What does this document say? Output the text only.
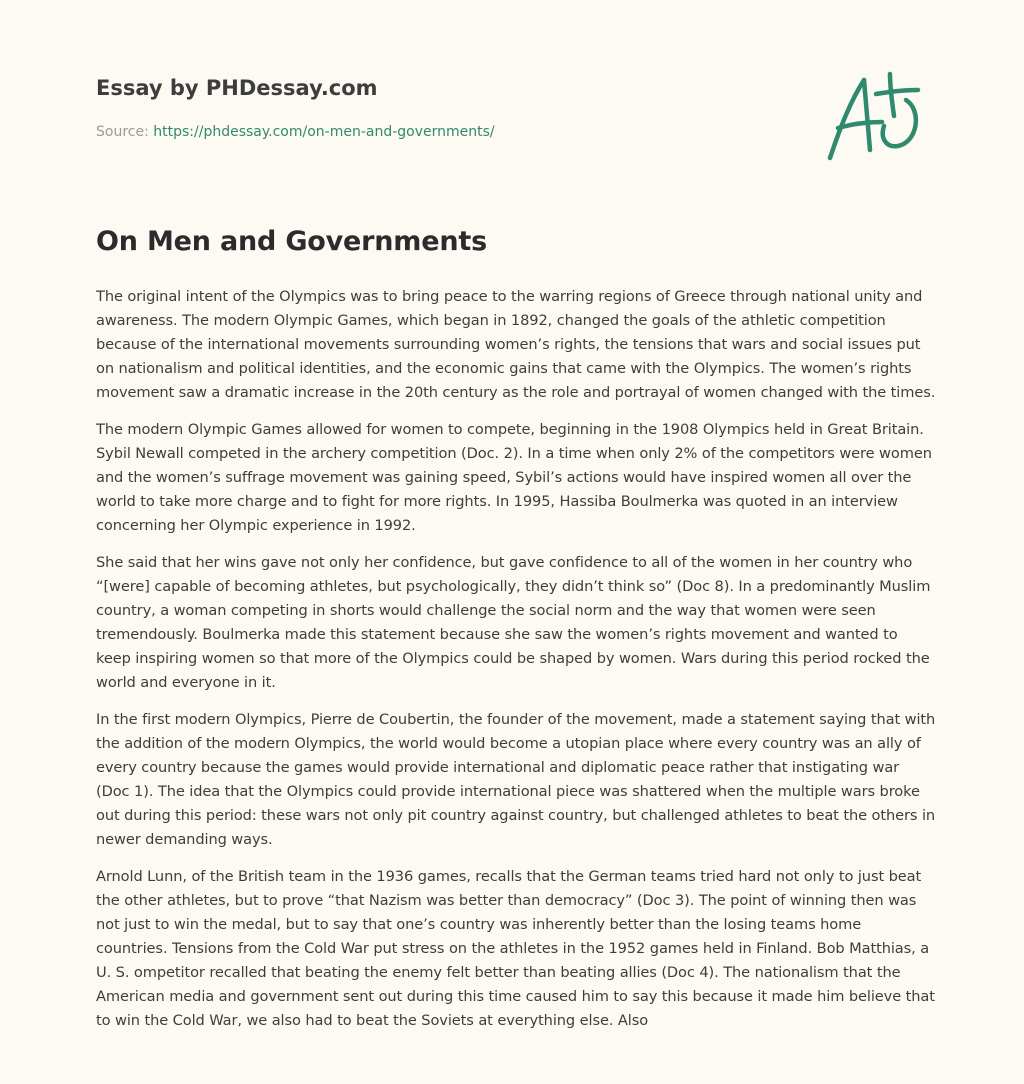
Essay by PHDessay.com
Source: https://phdessay.com/on-men-and-governments/
On Men and Governments

The original intent of the Olympics was to bring peace to the warring regions of Greece through national unity and awareness. The modern Olympic Games, which began in 1892, changed the goals of the athletic competition because of the international movements surrounding women’s rights, the tensions that wars and social issues put on nationalism and political identities, and the economic gains that came with the Olympics. The women’s rights movement saw a dramatic increase in the 20th century as the role and portrayal of women changed with the times.

The modern Olympic Games allowed for women to compete, beginning in the 1908 Olympics held in Great Britain. Sybil Newall competed in the archery competition (Doc. 2). In a time when only 2% of the competitors were women and the women’s suffrage movement was gaining speed, Sybil’s actions would have inspired women all over the world to take more charge and to fight for more rights. In 1995, Hassiba Boulmerka was quoted in an interview concerning her Olympic experience in 1992.

She said that her wins gave not only her confidence, but gave confidence to all of the women in her country who “[were] capable of becoming athletes, but psychologically, they didn’t think so” (Doc 8). In a predominantly Muslim country, a woman competing in shorts would challenge the social norm and the way that women were seen tremendously. Boulmerka made this statement because she saw the women’s rights movement and wanted to keep inspiring women so that more of the Olympics could be shaped by women. Wars during this period rocked the world and everyone in it.

In the first modern Olympics, Pierre de Coubertin, the founder of the movement, made a statement saying that with the addition of the modern Olympics, the world would become a utopian place where every country was an ally of every country because the games would provide international and diplomatic peace rather that instigating war (Doc 1). The idea that the Olympics could provide international piece was shattered when the multiple wars broke out during this period: these wars not only pit country against country, but challenged athletes to beat the others in newer demanding ways.

Arnold Lunn, of the British team in the 1936 games, recalls that the German teams tried hard not only to just beat the other athletes, but to prove “that Nazism was better than democracy” (Doc 3). The point of winning then was not just to win the medal, but to say that one’s country was inherently better than the losing teams home countries. Tensions from the Cold War put stress on the athletes in the 1952 games held in Finland. Bob Matthias, a U. S. ompetitor recalled that beating the enemy felt better than beating allies (Doc 4). The nationalism that the American media and government sent out during this time caused him to say this because it made him believe that to win the Cold War, we also had to beat the Soviets at everything else. Also
